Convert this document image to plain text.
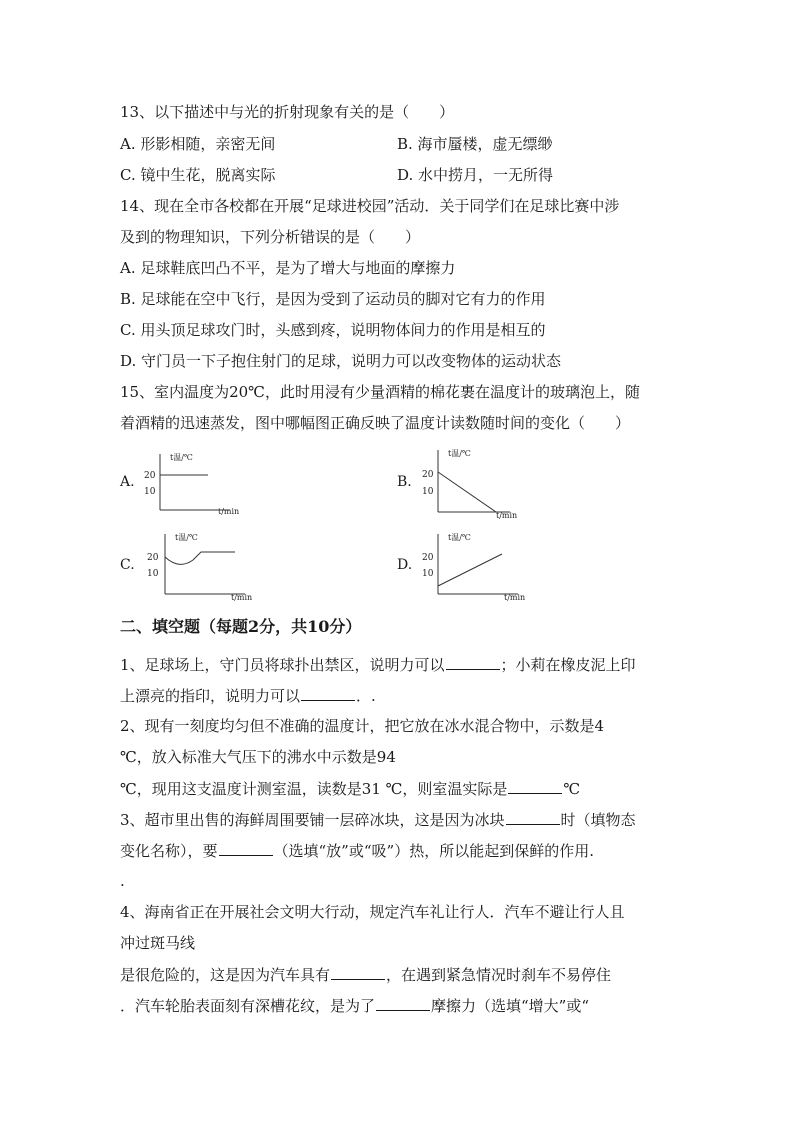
13、以下描述中与光的折射现象有关的是（　　）
A. 形影相随，亲密无间	B. 海市蜃楼，虚无缥缈
C. 镜中生花，脱离实际	D. 水中捞月，一无所得
14、现在全市各校都在开展“足球进校园”活动．关于同学们在足球比赛中涉
及到的物理知识，下列分析错误的是（　　）
A. 足球鞋底凹凸不平，是为了增大与地面的摩擦力
B. 足球能在空中飞行，是因为受到了运动员的脚对它有力的作用
C. 用头顶足球攻门时，头感到疼，说明物体间力的作用是相互的
D. 守门员一下子抱住射门的足球，说明力可以改变物体的运动状态
15、室内温度为20℃，此时用浸有少量酒精的棉花裹在温度计的玻璃泡上，随
着酒精的迅速蒸发，图中哪幅图正确反映了温度计读数随时间的变化（　　）
A.
t温/℃
20
10
t/min
B.
t温/℃
20
10
t/min
C.
t温/℃
20
10
t/min
D.
t温/℃
20
10
t/min
二、填空题（每题2分，共10分）
1、足球场上，守门员将球扑出禁区，说明力可以	；小莉在橡皮泥上印
上漂亮的指印，说明力可以	．.
2、现有一刻度均匀但不准确的温度计，把它放在冰水混合物中，示数是4
℃，放入标准大气压下的沸水中示数是94
℃，现用这支温度计测室温，读数是31 ℃，则室温实际是	℃
3、超市里出售的海鲜周围要铺一层碎冰块，这是因为冰块	时（填物态
变化名称），要	（选填“放”或“吸”）热，所以能起到保鲜的作用.
.
4、海南省正在开展社会文明大行动，规定汽车礼让行人．汽车不避让行人且
冲过斑马线
是很危险的，这是因为汽车具有	，在遇到紧急情况时刹车不易停住
．汽车轮胎表面刻有深槽花纹，是为了	摩擦力（选填“增大”或“
